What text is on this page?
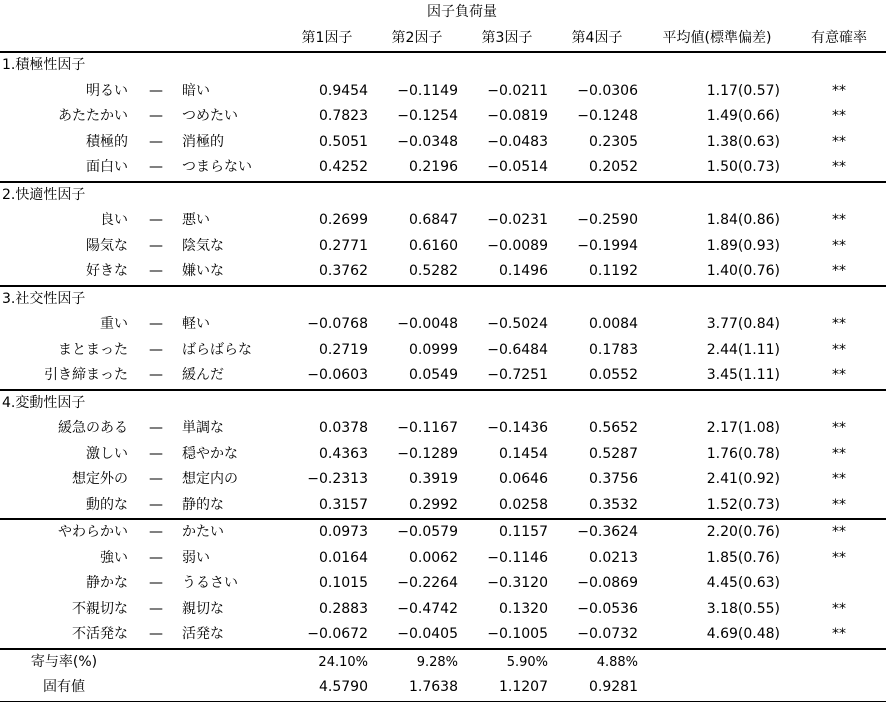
			因子負荷量					
			第1因子	第2因子	第3因子	第4因子	平均値(標準偏差)	有意確率
1.積極性因子								
明るい	—	暗い	0.9454	−0.1149	−0.0211	−0.0306	1.17(0.57)	**
あたたかい	—	つめたい	0.7823	−0.1254	−0.0819	−0.1248	1.49(0.66)	**
積極的	—	消極的	0.5051	−0.0348	−0.0483	0.2305	1.38(0.63)	**
面白い	—	つまらない	0.4252	0.2196	−0.0514	0.2052	1.50(0.73)	**
2.快適性因子								
良い	—	悪い	0.2699	0.6847	−0.0231	−0.2590	1.84(0.86)	**
陽気な	—	陰気な	0.2771	0.6160	−0.0089	−0.1994	1.89(0.93)	**
好きな	—	嫌いな	0.3762	0.5282	0.1496	0.1192	1.40(0.76)	**
3.社交性因子								
重い	—	軽い	−0.0768	−0.0048	−0.5024	0.0084	3.77(0.84)	**
まとまった	—	ばらばらな	0.2719	0.0999	−0.6484	0.1783	2.44(1.11)	**
引き締まった	—	緩んだ	−0.0603	0.0549	−0.7251	0.0552	3.45(1.11)	**
4.変動性因子								
緩急のある	—	単調な	0.0378	−0.1167	−0.1436	0.5652	2.17(1.08)	**
激しい	—	穏やかな	0.4363	−0.1289	0.1454	0.5287	1.76(0.78)	**
想定外の	—	想定内の	−0.2313	0.3919	0.0646	0.3756	2.41(0.92)	**
動的な	—	静的な	0.3157	0.2992	0.0258	0.3532	1.52(0.73)	**
やわらかい	—	かたい	0.0973	−0.0579	0.1157	−0.3624	2.20(0.76)	**
強い	—	弱い	0.0164	0.0062	−0.1146	0.0213	1.85(0.76)	**
静かな	—	うるさい	0.1015	−0.2264	−0.3120	−0.0869	4.45(0.63)	
不親切な	—	親切な	0.2883	−0.4742	0.1320	−0.0536	3.18(0.55)	**
不活発な	—	活発な	−0.0672	−0.0405	−0.1005	−0.0732	4.69(0.48)	**
寄与率(%)			24.10%	9.28%	5.90%	4.88%		
固有値			4.5790	1.7638	1.1207	0.9281		
